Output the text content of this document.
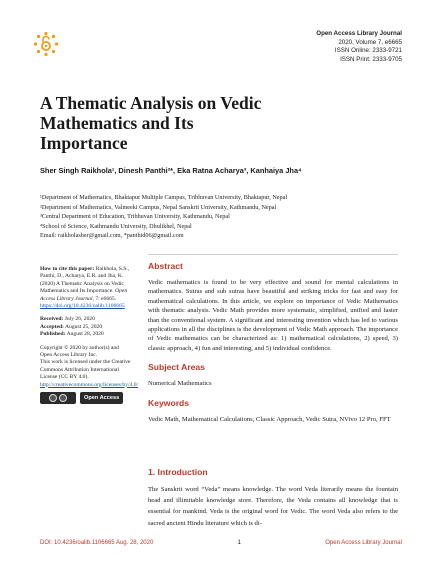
Open Access Library Journal
2020, Volume 7, e6665
ISSN Online: 2333-9721
ISSN Print: 2333-9705
A Thematic Analysis on Vedic Mathematics and Its Importance
Sher Singh Raikhola¹, Dinesh Panthi²*, Eka Ratna Acharya³, Kanhaiya Jha⁴
¹Department of Mathematics, Bhaktapur Multiple Campus, Tribhuvan University, Bhaktapur, Nepal
²Department of Mathematics, Valmeeki Campus, Nepal Sanskrit University, Kathmandu, Nepal
³Central Department of Education, Tribhuvan University, Kathmandu, Nepal
⁴School of Science, Kathmandu University, Dhulikhel, Nepal
Email: raikholasher@gmail.com, *panthid06@gmail.com
How to cite this paper: Raikhola, S.S., Panthi, D., Acharya, E.R. and Jha, K. (2020) A Thematic Analysis on Vedic Mathematics and Its Importance. Open Access Library Journal, 7: e6665. https://doi.org/10.4236/oalib.1106665
Received: July 26, 2020
Accepted: August 25, 2020
Published: August 28, 2020
Copyright © 2020 by author(s) and Open Access Library Inc.
This work is licensed under the Creative Commons Attribution International License (CC BY 4.0).
http://creativecommons.org/licenses/by/4.0/
Open Access
Abstract
Vedic mathematics is found to be very effective and sound for mental calculations in mathematics. Sutras and sub sutras have beautiful and striking tricks for fast and easy for mathematical calculations. In this article, we explore on importance of Vedic Mathematics with thematic analysis. Vedic Math provides more systematic, simplified, unified and faster than the conventional system. A significant and interesting invention which has led to various applications in all the disciplines is the development of Vedic Math approach. The importance of Vedic mathematics can be characterized as: 1) mathematical calculations, 2) speed, 3) classic approach, 4) fun and interesting, and 5) individual confidence.
Subject Areas
Numerical Mathematics
Keywords
Vedic Math, Mathematical Calculations, Classic Approach, Vedic Sutra, NVivo 12 Pro, FFT
1. Introduction
The Sanskrit word “Veda” means knowledge. The word Veda literarily means the fountain head and illimitable knowledge store. Therefore, the Veda contains all knowledge that is essential for mankind. Veda is the original word for Vedic. The word Veda also refers to the sacred ancient Hindu literature which is di-
DOI: 10.4236/oalib.1106665 Aug. 28, 2020	1	Open Access Library Journal
